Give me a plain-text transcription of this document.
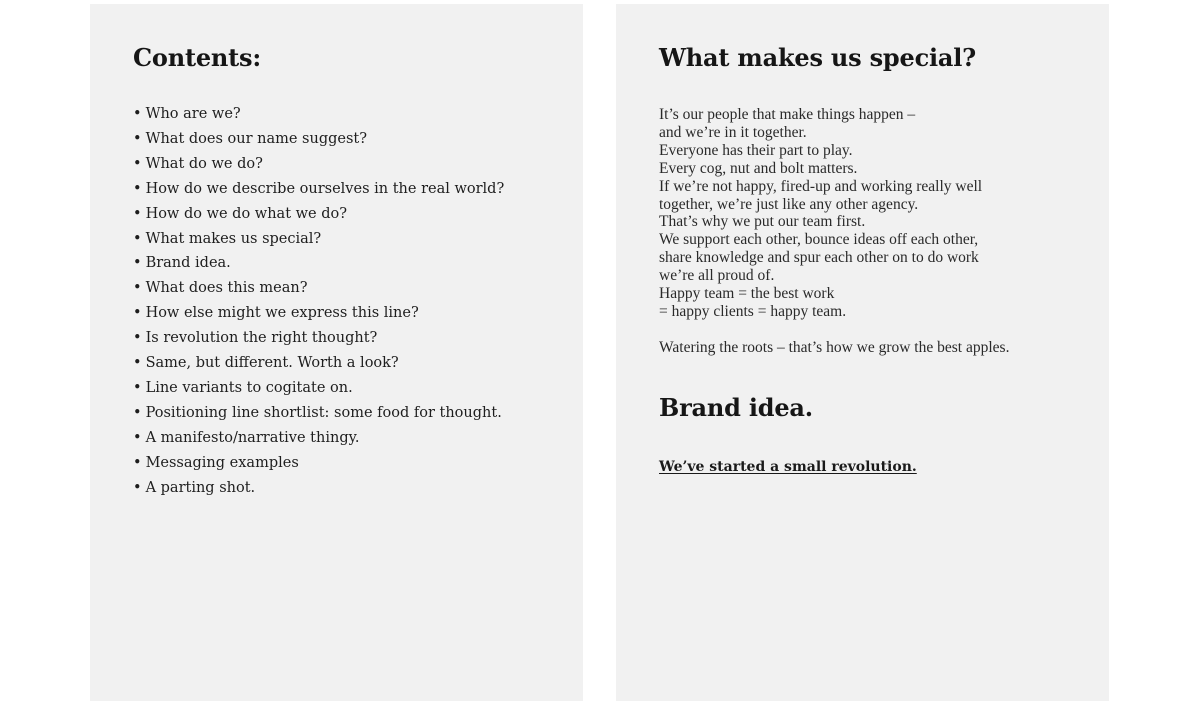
Contents:
• Who are we?
• What does our name suggest?
• What do we do?
• How do we describe ourselves in the real world?
• How do we do what we do?
• What makes us special?
• Brand idea.
• What does this mean?
• How else might we express this line?
• Is revolution the right thought?
• Same, but different. Worth a look?
• Line variants to cogitate on.
• Positioning line shortlist: some food for thought.
• A manifesto/narrative thingy.
• Messaging examples
• A parting shot.
What makes us special?
It’s our people that make things happen –
and we’re in it together.
Everyone has their part to play.
Every cog, nut and bolt matters.
If we’re not happy, fired-up and working really well
together, we’re just like any other agency.
That’s why we put our team first.
We support each other, bounce ideas off each other,
share knowledge and spur each other on to do work
we’re all proud of.
Happy team = the best work
= happy clients = happy team.
Watering the roots – that’s how we grow the best apples.
Brand idea.
We’ve started a small revolution.
